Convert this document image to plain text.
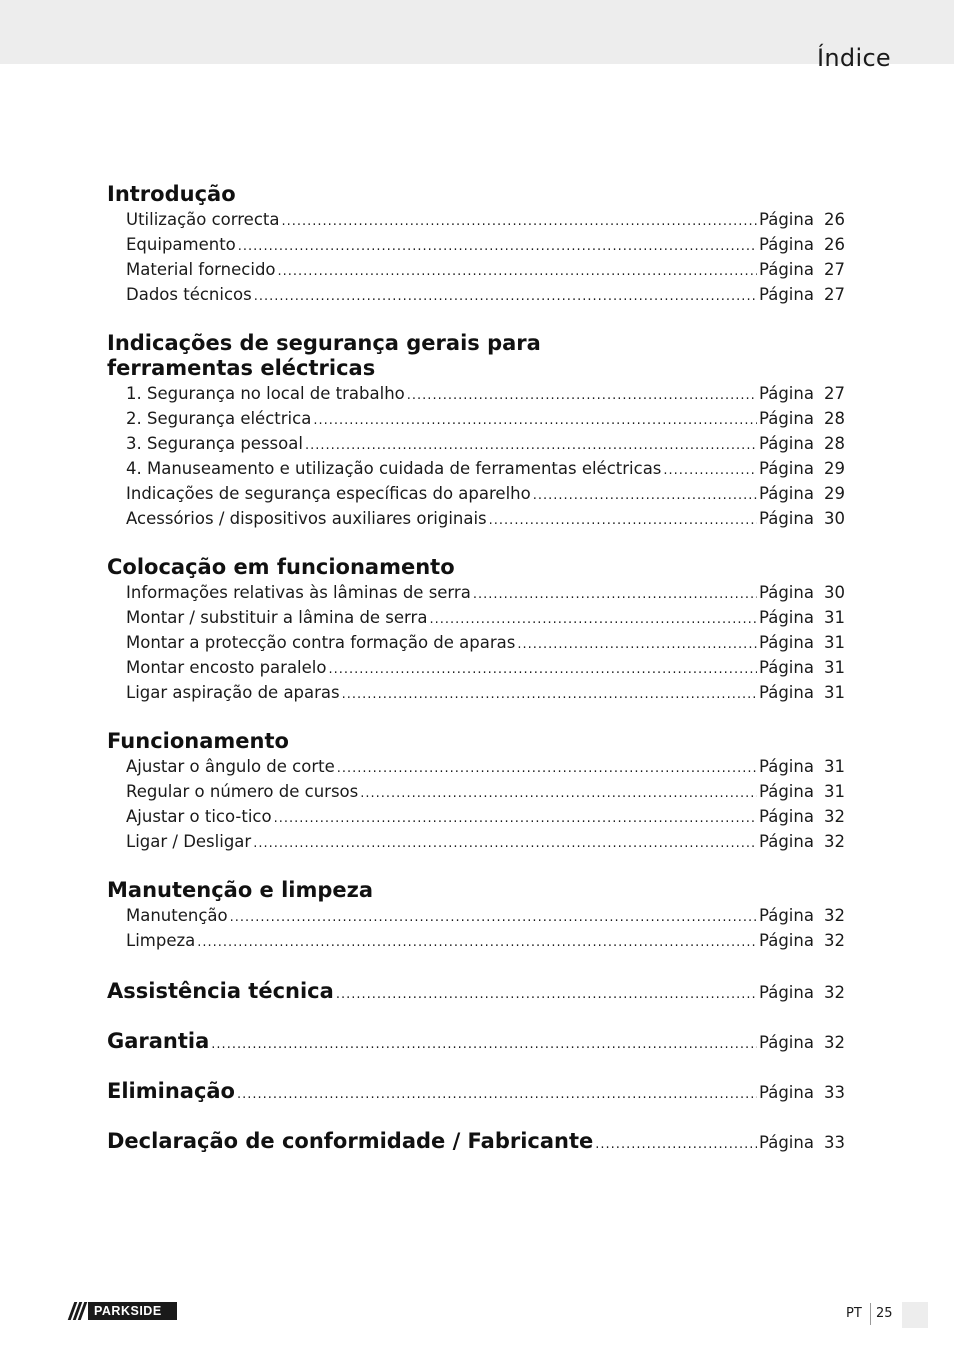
Índice
Introdução
Utilização correcta .....	Página 26
Equipamento .....	Página 26
Material fornecido .....	Página 27
Dados técnicos .....	Página 27
Indicações de segurança gerais para
ferramentas eléctricas
1. Segurança no local de trabalho .....	Página 27
2. Segurança eléctrica .....	Página 28
3. Segurança pessoal .....	Página 28
4. Manuseamento e utilização cuidada de ferramentas eléctricas .....	Página 29
Indicações de segurança específicas do aparelho .....	Página 29
Acessórios / dispositivos auxiliares originais .....	Página 30
Colocação em funcionamento
Informações relativas às lâminas de serra .....	Página 30
Montar / substituir a lâmina de serra .....	Página 31
Montar a protecção contra formação de aparas .....	Página 31
Montar encosto paralelo .....	Página 31
Ligar aspiração de aparas .....	Página 31
Funcionamento
Ajustar o ângulo de corte .....	Página 31
Regular o número de cursos .....	Página 31
Ajustar o tico-tico .....	Página 32
Ligar / Desligar .....	Página 32
Manutenção e limpeza
Manutenção .....	Página 32
Limpeza .....	Página 32
Assistência técnica .....	Página 32
Garantia .....	Página 32
Eliminação .....	Página 33
Declaração de conformidade / Fabricante .....	Página 33
PARKSIDE	PT 25
